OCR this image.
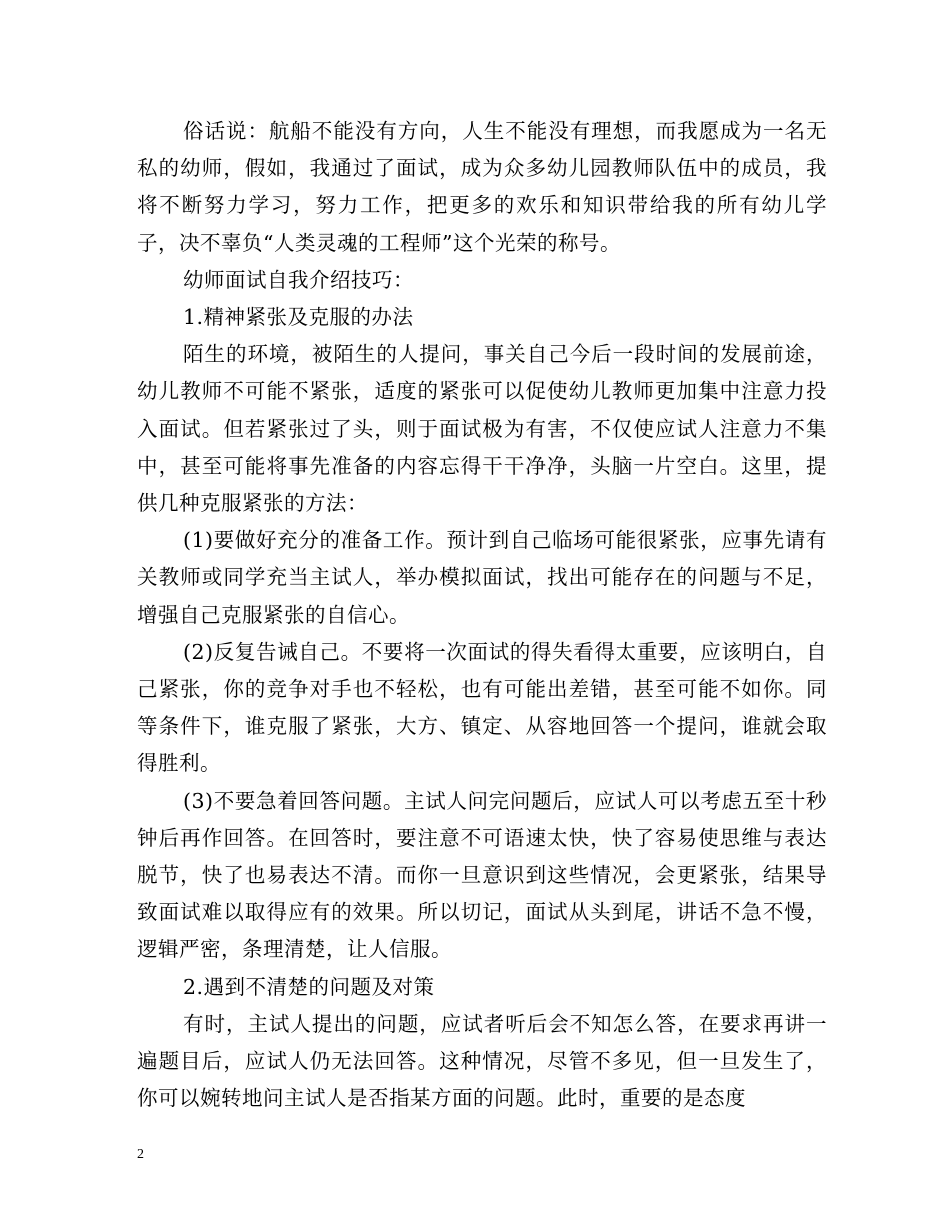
俗话说：航船不能没有方向，人生不能没有理想，而我愿成为一名无私的幼师，假如，我通过了面试，成为众多幼儿园教师队伍中的成员，我将不断努力学习，努力工作，把更多的欢乐和知识带给我的所有幼儿学子，决不辜负“人类灵魂的工程师”这个光荣的称号。

幼师面试自我介绍技巧：

1.精神紧张及克服的办法

陌生的环境，被陌生的人提问，事关自己今后一段时间的发展前途，幼儿教师不可能不紧张，适度的紧张可以促使幼儿教师更加集中注意力投入面试。但若紧张过了头，则于面试极为有害，不仅使应试人注意力不集中，甚至可能将事先准备的内容忘得干干净净，头脑一片空白。这里，提供几种克服紧张的方法：

(1)要做好充分的准备工作。预计到自己临场可能很紧张，应事先请有关教师或同学充当主试人，举办模拟面试，找出可能存在的问题与不足，增强自己克服紧张的自信心。

(2)反复告诫自己。不要将一次面试的得失看得太重要，应该明白，自己紧张，你的竞争对手也不轻松，也有可能出差错，甚至可能不如你。同等条件下，谁克服了紧张，大方、镇定、从容地回答一个提问，谁就会取得胜利。

(3)不要急着回答问题。主试人问完问题后，应试人可以考虑五至十秒钟后再作回答。在回答时，要注意不可语速太快，快了容易使思维与表达脱节，快了也易表达不清。而你一旦意识到这些情况，会更紧张，结果导致面试难以取得应有的效果。所以切记，面试从头到尾，讲话不急不慢，逻辑严密，条理清楚，让人信服。

2.遇到不清楚的问题及对策

有时，主试人提出的问题，应试者听后会不知怎么答，在要求再讲一遍题目后，应试人仍无法回答。这种情况，尽管不多见，但一旦发生了，你可以婉转地问主试人是否指某方面的问题。此时，重要的是态度

2
